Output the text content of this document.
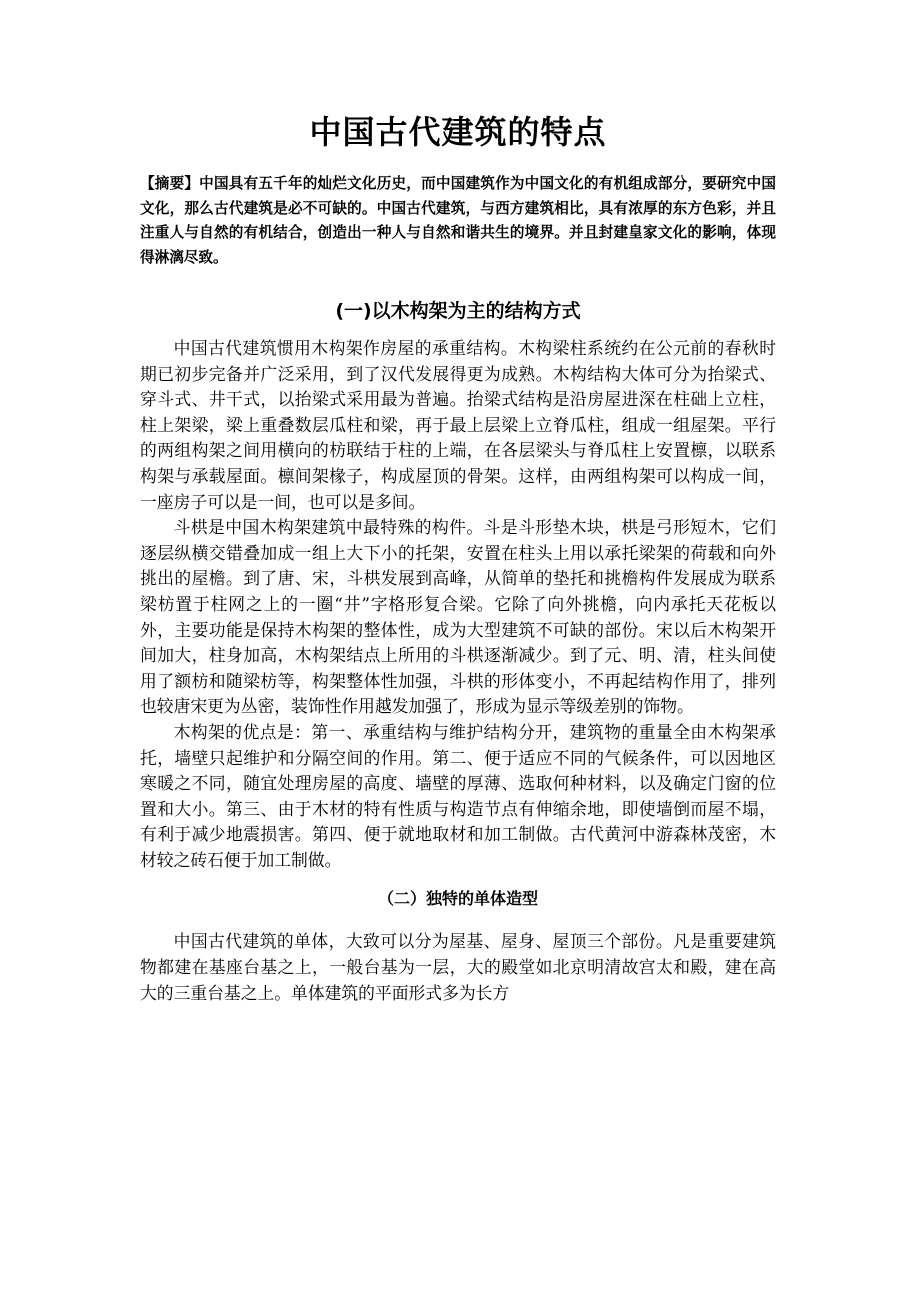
中国古代建筑的特点

【摘要】中国具有五千年的灿烂文化历史，而中国建筑作为中国文化的有机组成部分，要研究中国文化，那么古代建筑是必不可缺的。中国古代建筑，与西方建筑相比，具有浓厚的东方色彩，并且注重人与自然的有机结合，创造出一种人与自然和谐共生的境界。并且封建皇家文化的影响，体现得淋漓尽致。

(一)以木构架为主的结构方式

中国古代建筑惯用木构架作房屋的承重结构。木构梁柱系统约在公元前的春秋时期已初步完备并广泛采用，到了汉代发展得更为成熟。木构结构大体可分为抬梁式、穿斗式、井干式，以抬梁式采用最为普遍。抬梁式结构是沿房屋进深在柱础上立柱，柱上架梁，梁上重叠数层瓜柱和梁，再于最上层梁上立脊瓜柱，组成一组屋架。平行的两组构架之间用横向的枋联结于柱的上端，在各层梁头与脊瓜柱上安置檩，以联系构架与承载屋面。檩间架椽子，构成屋顶的骨架。这样，由两组构架可以构成一间，一座房子可以是一间，也可以是多间。

斗栱是中国木构架建筑中最特殊的构件。斗是斗形垫木块，栱是弓形短木，它们逐层纵横交错叠加成一组上大下小的托架，安置在柱头上用以承托梁架的荷载和向外挑出的屋檐。到了唐、宋，斗栱发展到高峰，从简单的垫托和挑檐构件发展成为联系梁枋置于柱网之上的一圈“井”字格形复合梁。它除了向外挑檐，向内承托天花板以外，主要功能是保持木构架的整体性，成为大型建筑不可缺的部份。宋以后木构架开间加大，柱身加高，木构架结点上所用的斗栱逐渐减少。到了元、明、清，柱头间使用了额枋和随梁枋等，构架整体性加强，斗栱的形体变小，不再起结构作用了，排列也较唐宋更为丛密，装饰性作用越发加强了，形成为显示等级差别的饰物。

木构架的优点是：第一、承重结构与维护结构分开，建筑物的重量全由木构架承托，墙壁只起维护和分隔空间的作用。第二、便于适应不同的气候条件，可以因地区寒暖之不同，随宜处理房屋的高度、墙壁的厚薄、选取何种材料，以及确定门窗的位置和大小。第三、由于木材的特有性质与构造节点有伸缩余地，即使墙倒而屋不塌，有利于减少地震损害。第四、便于就地取材和加工制做。古代黄河中游森林茂密，木材较之砖石便于加工制做。

（二）独特的单体造型

中国古代建筑的单体，大致可以分为屋基、屋身、屋顶三个部份。凡是重要建筑物都建在基座台基之上，一般台基为一层，大的殿堂如北京明清故宫太和殿，建在高大的三重台基之上。单体建筑的平面形式多为长方
